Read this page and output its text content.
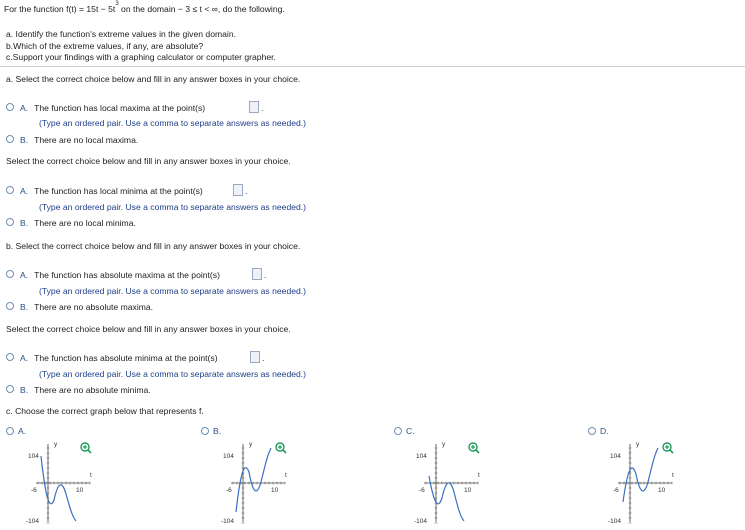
For the function $f(t) = 15t - 5t^3$ on the domain − 3 ≤ t < ∞, do the following.
a. Identify the function's extreme values in the given domain.
b.Which of the extreme values, if any, are absolute?
c.Support your findings with a graphing calculator or computer grapher.
a. Select the correct choice below and fill in any answer boxes in your choice.
A. The function has local maxima at the point(s)	.
(Type an ordered pair. Use a comma to separate answers as needed.)
B. There are no local maxima.
Select the correct choice below and fill in any answer boxes in your choice.
A. The function has local minima at the point(s)	.
(Type an ordered pair. Use a comma to separate answers as needed.)
B. There are no local minima.
b. Select the correct choice below and fill in any answer boxes in your choice.
A. The function has absolute maxima at the point(s)	.
(Type an ordered pair. Use a comma to separate answers as needed.)
B. There are no absolute maxima.
Select the correct choice below and fill in any answer boxes in your choice.
A. The function has absolute minima at the point(s)	.
(Type an ordered pair. Use a comma to separate answers as needed.)
B. There are no absolute minima.
c. Choose the correct graph below that represents f.
A.
104
y
t
-6	10
-104
B.
104
y
t
-6	10
-104
C.
104
y
t
-6	10
-104
D.
104
y
t
-6	10
-104
